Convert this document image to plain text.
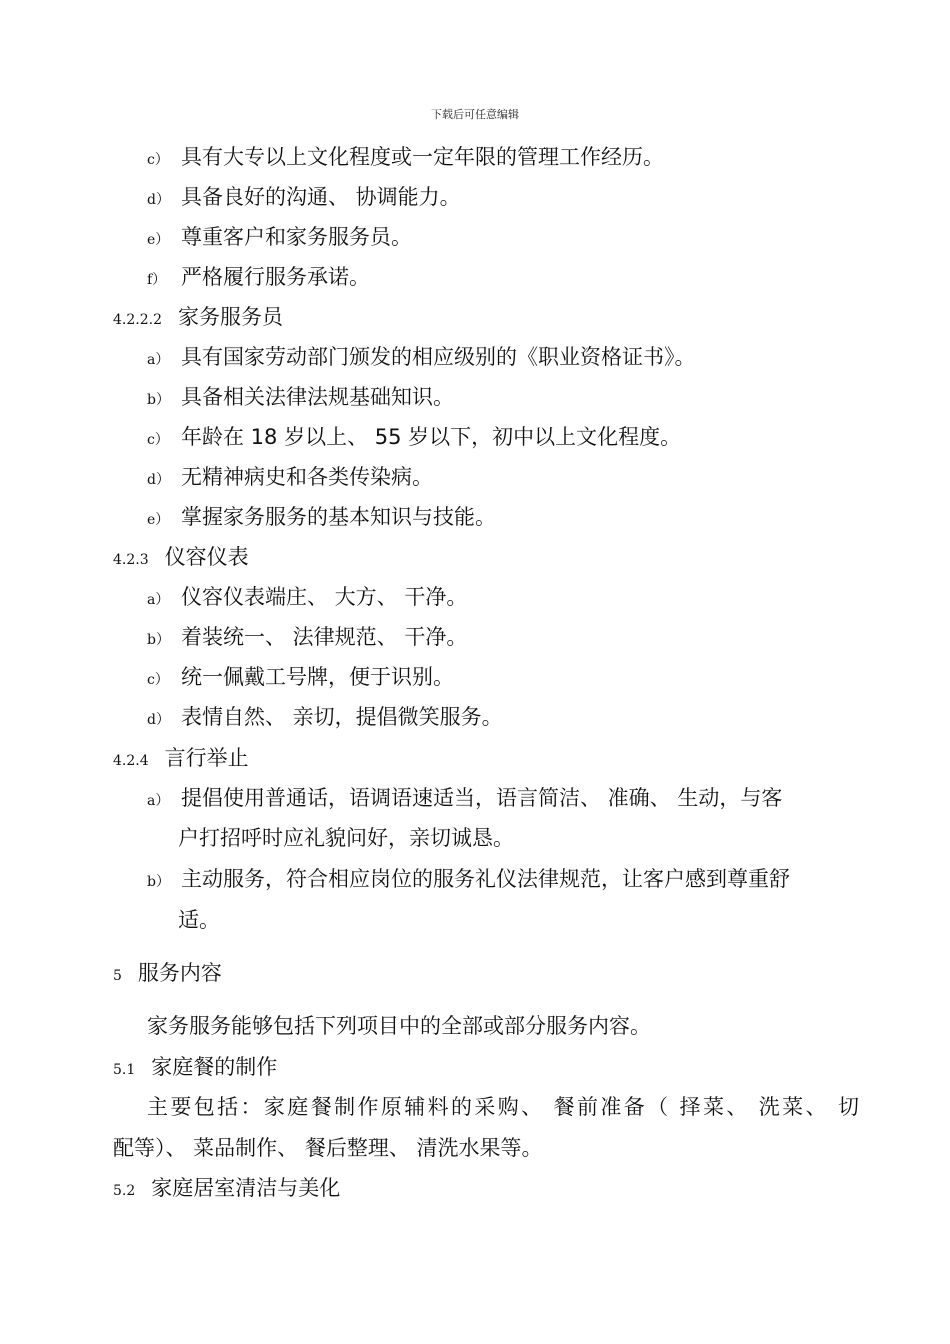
下载后可任意编辑
c） 具有大专以上文化程度或一定年限的管理工作经历。
d） 具备良好的沟通、 协调能力。
e） 尊重客户和家务服务员。
f） 严格履行服务承诺。
4.2.2.2 家务服务员
a） 具有国家劳动部门颁发的相应级别的《职业资格证书》。
b） 具备相关法律法规基础知识。
c） 年龄在 18 岁以上、 55 岁以下，初中以上文化程度。
d） 无精神病史和各类传染病。
e） 掌握家务服务的基本知识与技能。
4.2.3 仪容仪表
a） 仪容仪表端庄、 大方、 干净。
b） 着装统一、 法律规范、 干净。
c） 统一佩戴工号牌，便于识别。
d） 表情自然、 亲切，提倡微笑服务。
4.2.4 言行举止
a） 提倡使用普通话，语调语速适当，语言简洁、 准确、 生动，与客
户打招呼时应礼貌问好，亲切诚恳。
b） 主动服务，符合相应岗位的服务礼仪法律规范，让客户感到尊重舒
适。
5 服务内容
家务服务能够包括下列项目中的全部或部分服务内容。
5.1 家庭餐的制作
主要包括：家庭餐制作原辅料的采购、 餐前准备（ 择菜、 洗菜、 切
配等）、 菜品制作、 餐后整理、 清洗水果等。
5.2 家庭居室清洁与美化
